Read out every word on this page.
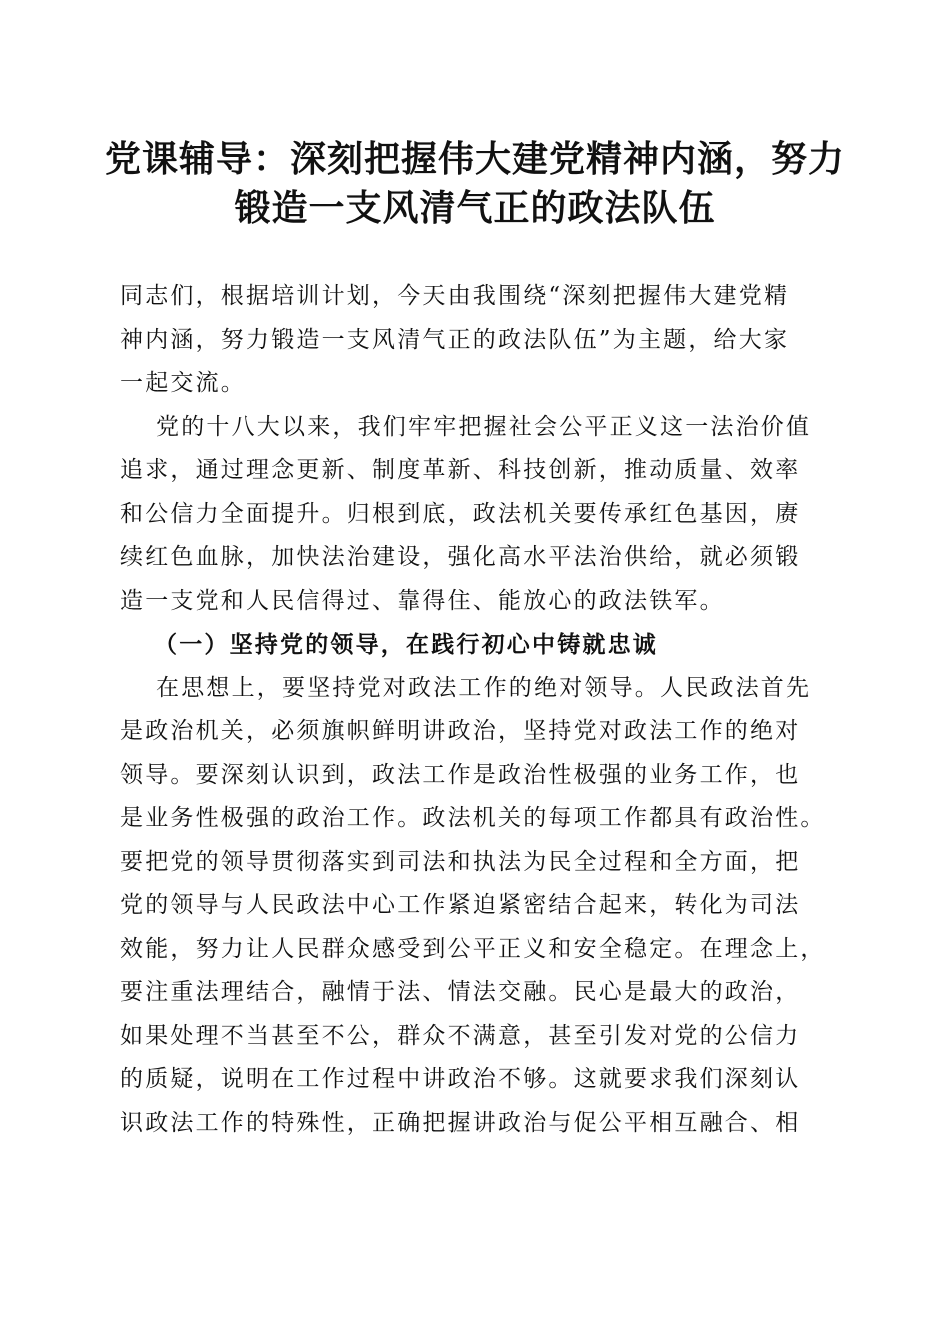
党课辅导：深刻把握伟大建党精神内涵，努力
锻造一支风清气正的政法队伍
同志们，根据培训计划，今天由我围绕“深刻把握伟大建党精
神内涵，努力锻造一支风清气正的政法队伍”为主题，给大家
一起交流。
党的十八大以来，我们牢牢把握社会公平正义这一法治价值
追求，通过理念更新、制度革新、科技创新，推动质量、效率
和公信力全面提升。归根到底，政法机关要传承红色基因，赓
续红色血脉，加快法治建设，强化高水平法治供给，就必须锻
造一支党和人民信得过、靠得住、能放心的政法铁军。
（一）坚持党的领导，在践行初心中铸就忠诚
在思想上，要坚持党对政法工作的绝对领导。人民政法首先
是政治机关，必须旗帜鲜明讲政治，坚持党对政法工作的绝对
领导。要深刻认识到，政法工作是政治性极强的业务工作，也
是业务性极强的政治工作。政法机关的每项工作都具有政治性。
要把党的领导贯彻落实到司法和执法为民全过程和全方面，把
党的领导与人民政法中心工作紧迫紧密结合起来，转化为司法
效能，努力让人民群众感受到公平正义和安全稳定。在理念上，
要注重法理结合，融情于法、情法交融。民心是最大的政治，
如果处理不当甚至不公，群众不满意，甚至引发对党的公信力
的质疑，说明在工作过程中讲政治不够。这就要求我们深刻认
识政法工作的特殊性，正确把握讲政治与促公平相互融合、相
